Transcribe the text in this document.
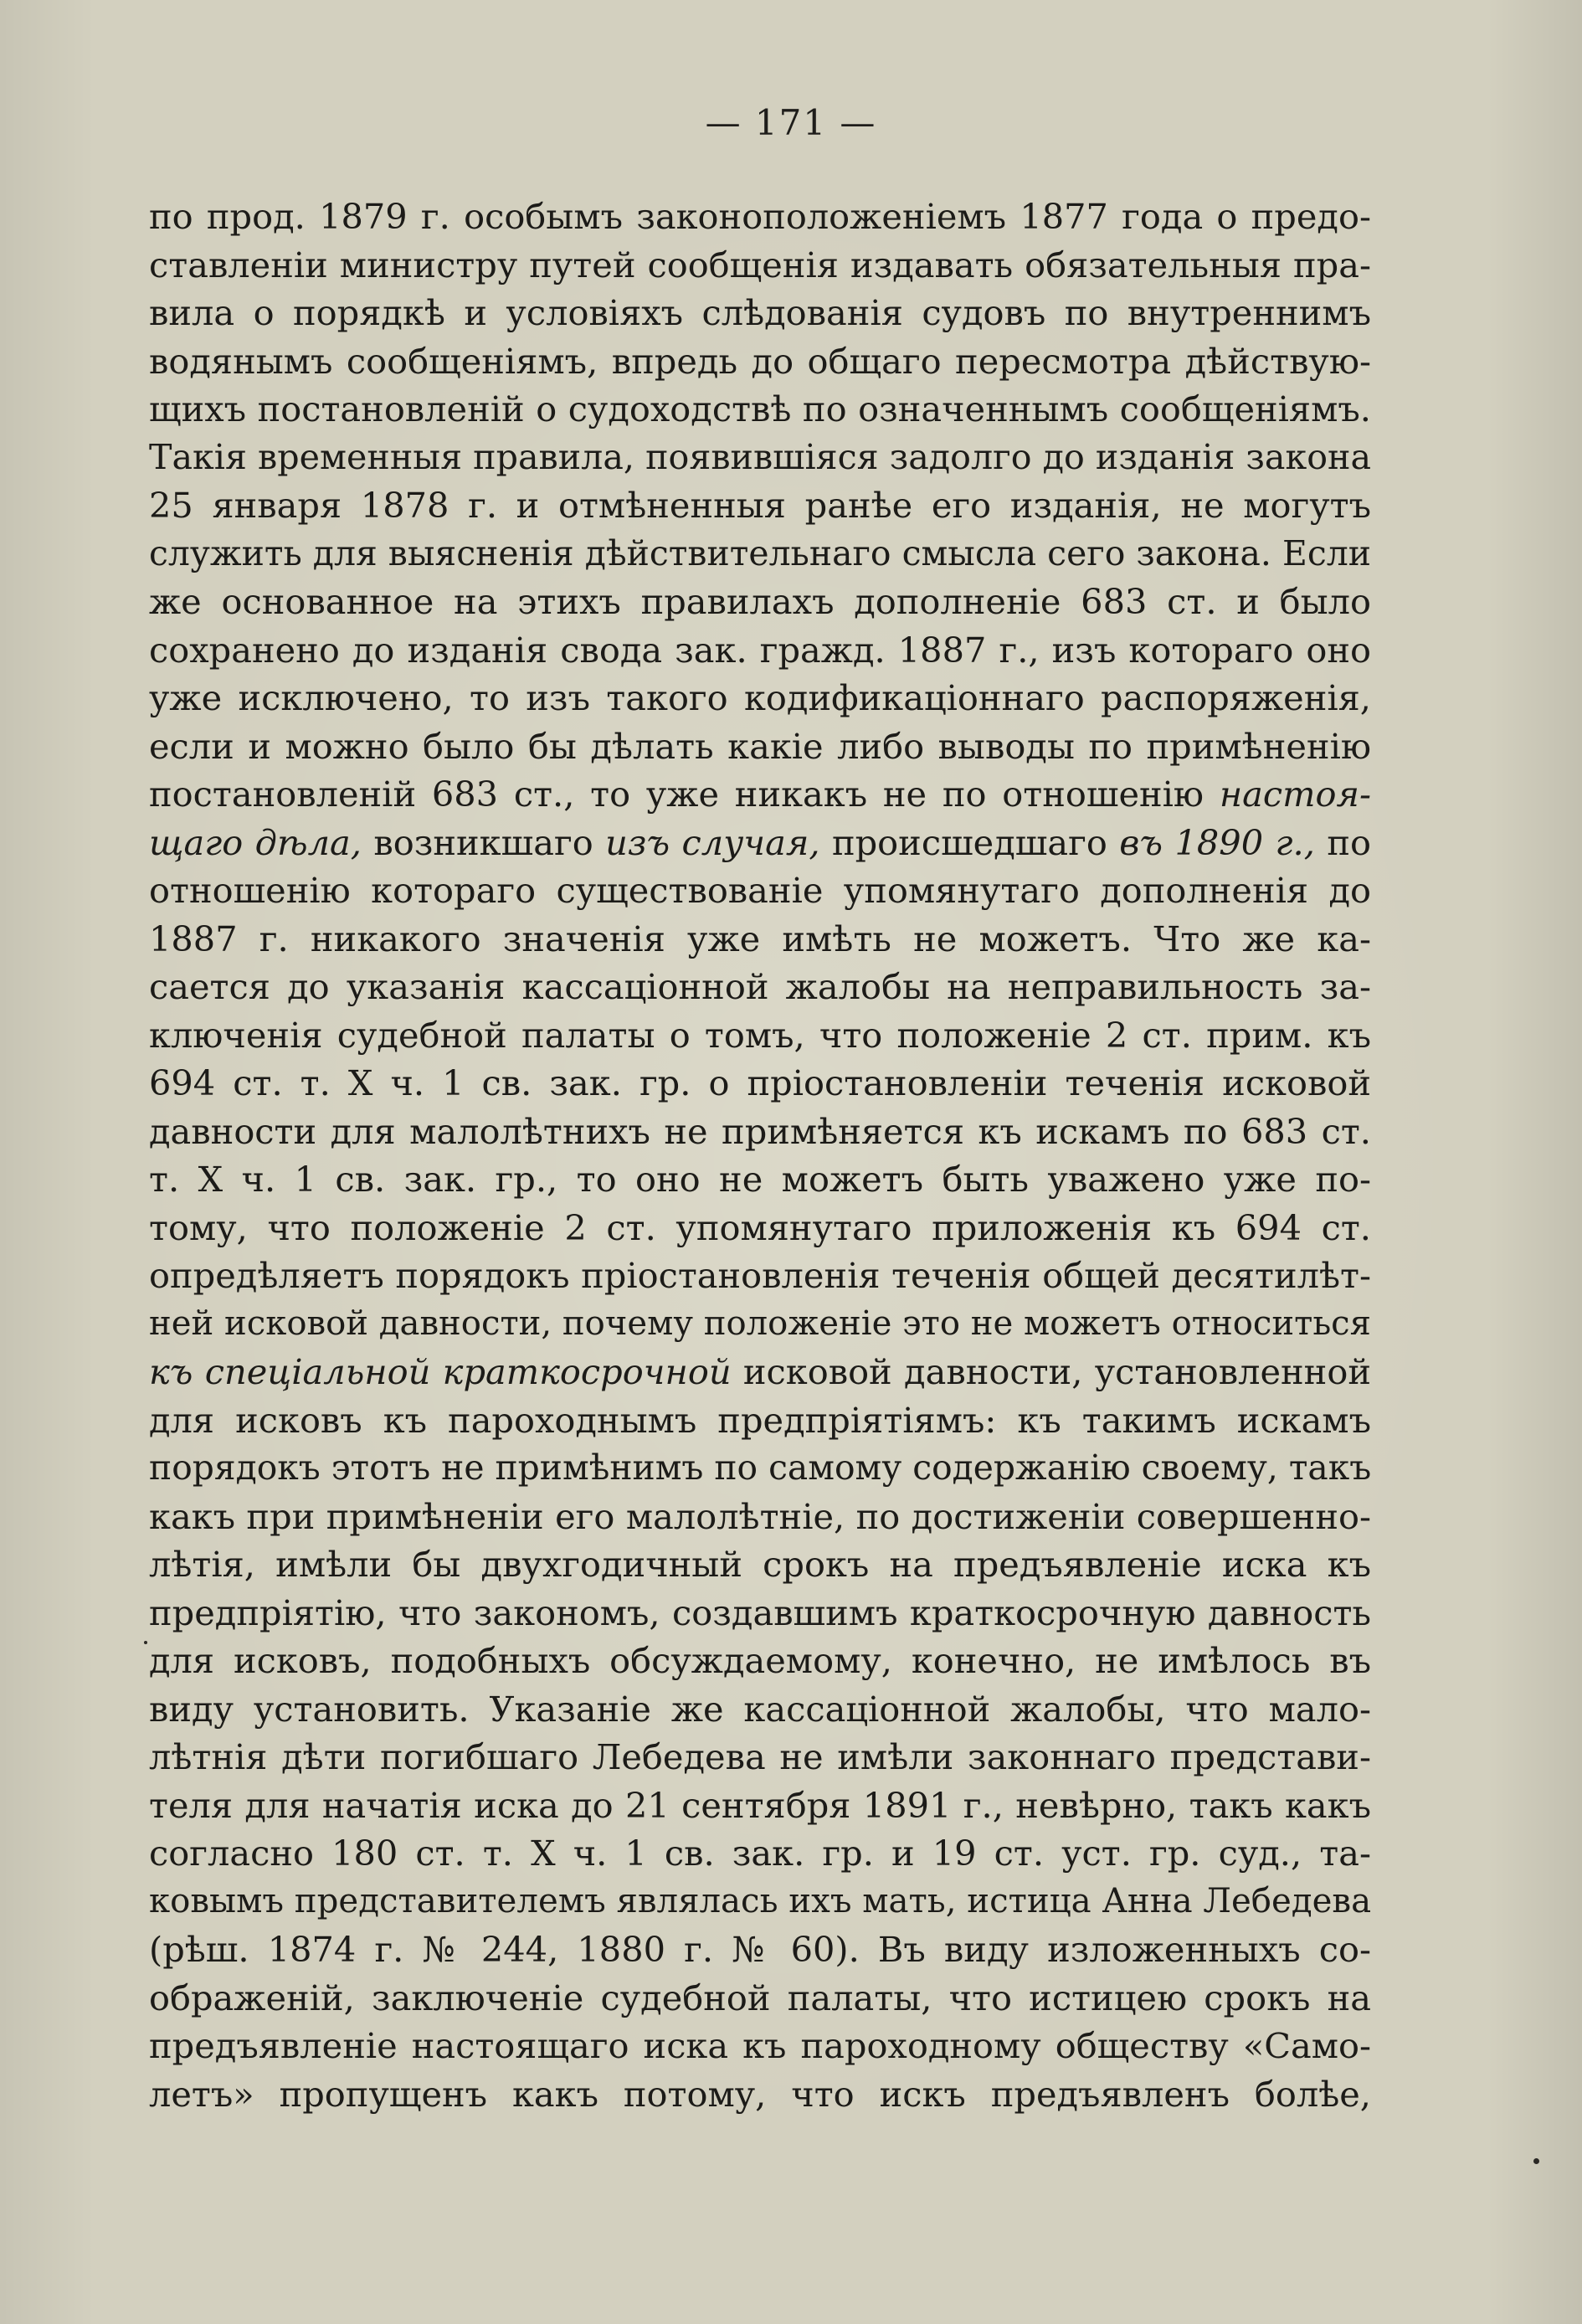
— 171 —
по прод. 1879 г. особымъ законоположеніемъ 1877 года о предо-
ставленіи министру путей сообщенія издавать обязательныя пра-
вила о порядкѣ и условіяхъ слѣдованія судовъ по внутреннимъ
водянымъ сообщеніямъ, впредь до общаго пересмотра дѣйствую-
щихъ постановленій о судоходствѣ по означеннымъ сообщеніямъ.
Такія временныя правила, появившіяся задолго до изданія закона
25 января 1878 г. и отмѣненныя ранѣе его изданія, не могутъ
служить для выясненія дѣйствительнаго смысла сего закона. Если
же основанное на этихъ правилахъ дополненіе 683 ст. и было
сохранено до изданія свода зак. гражд. 1887 г., изъ котораго оно
уже исключено, то изъ такого кодификаціоннаго распоряженія,
если и можно было бы дѣлать какіе либо выводы по примѣненію
постановленій 683 ст., то уже никакъ не по отношенію настоя-
щаго дѣла, возникшаго изъ случая, происшедшаго въ 1890 г., по
отношенію котораго существованіе упомянутаго дополненія до
1887 г. никакого значенія уже имѣть не можетъ. Что же ка-
сается до указанія кассаціонной жалобы на неправильность за-
ключенія судебной палаты о томъ, что положеніе 2 ст. прим. къ
694 ст. т. X ч. 1 св. зак. гр. о пріостановленіи теченія исковой
давности для малолѣтнихъ не примѣняется къ искамъ по 683 ст.
т. X ч. 1 св. зак. гр., то оно не можетъ быть уважено уже по-
тому, что положеніе 2 ст. упомянутаго приложенія къ 694 ст.
опредѣляетъ порядокъ пріостановленія теченія общей десятилѣт-
ней исковой давности, почему положеніе это не можетъ относиться
къ спеціальной краткосрочной исковой давности, установленной
для исковъ къ пароходнымъ предпріятіямъ: къ такимъ искамъ
порядокъ этотъ не примѣнимъ по самому содержанію своему, такъ
какъ при примѣненіи его малолѣтніе, по достиженіи совершенно-
лѣтія, имѣли бы двухгодичный срокъ на предъявленіе иска къ
предпріятію, что закономъ, создавшимъ краткосрочную давность
для исковъ, подобныхъ обсуждаемому, конечно, не имѣлось въ
виду установить. Указаніе же кассаціонной жалобы, что мало-
лѣтнія дѣти погибшаго Лебедева не имѣли законнаго представи-
теля для начатія иска до 21 сентября 1891 г., невѣрно, такъ какъ
согласно 180 ст. т. X ч. 1 св. зак. гр. и 19 ст. уст. гр. суд., та-
ковымъ представителемъ являлась ихъ мать, истица Анна Лебедева
(рѣш. 1874 г. № 244, 1880 г. № 60). Въ виду изложенныхъ со-
ображеній, заключеніе судебной палаты, что истицею срокъ на
предъявленіе настоящаго иска къ пароходному обществу «Само-
летъ» пропущенъ какъ потому, что искъ предъявленъ болѣе,
